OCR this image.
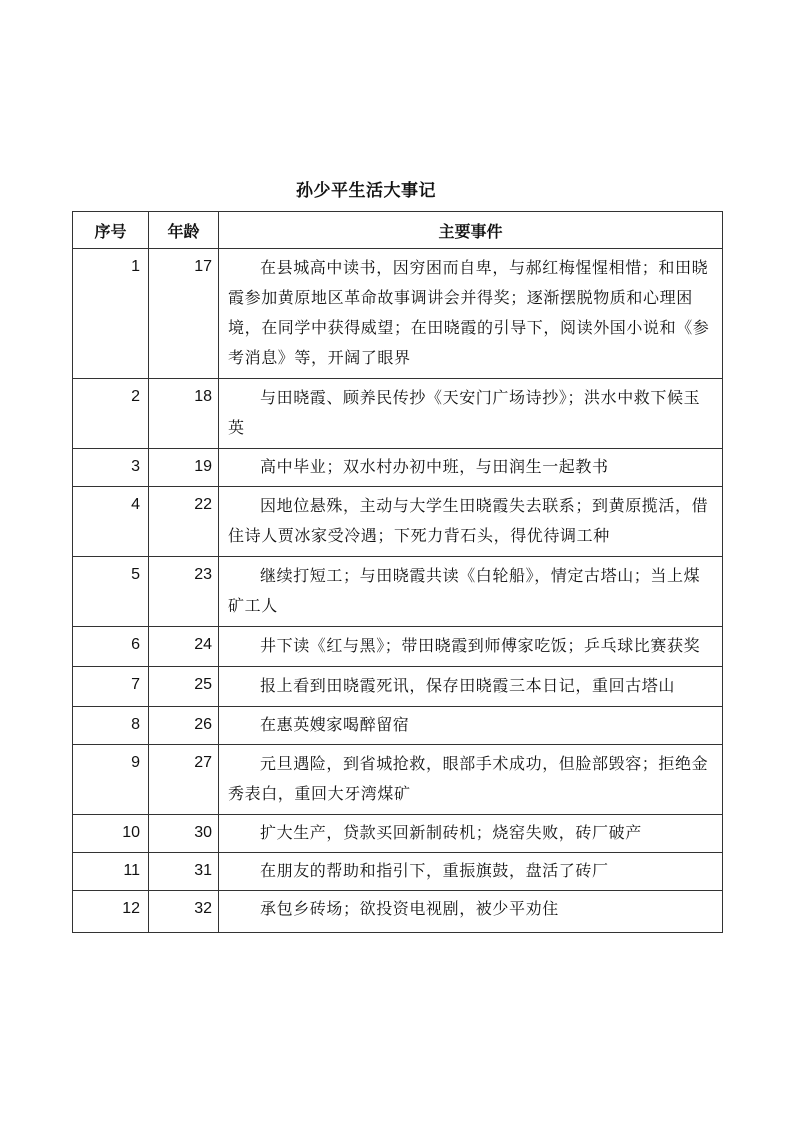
孙少平生活大事记
序号	年龄	主要事件
1	17	在县城高中读书，因穷困而自卑，与郝红梅惺惺相惜；和田晓霞参加黄原地区革命故事调讲会并得奖；逐渐摆脱物质和心理困境，在同学中获得威望；在田晓霞的引导下，阅读外国小说和《参考消息》等，开阔了眼界
2	18	与田晓霞、顾养民传抄《天安门广场诗抄》；洪水中救下候玉英
3	19	高中毕业；双水村办初中班，与田润生一起教书
4	22	因地位悬殊，主动与大学生田晓霞失去联系；到黄原揽活，借住诗人贾冰家受冷遇；下死力背石头，得优待调工种
5	23	继续打短工；与田晓霞共读《白轮船》，情定古塔山；当上煤矿工人
6	24	井下读《红与黑》；带田晓霞到师傅家吃饭；乒乓球比赛获奖
7	25	报上看到田晓霞死讯，保存田晓霞三本日记，重回古塔山
8	26	在惠英嫂家喝醉留宿
9	27	元旦遇险，到省城抢救，眼部手术成功，但脸部毁容；拒绝金秀表白，重回大牙湾煤矿
10	30	扩大生产，贷款买回新制砖机；烧窑失败，砖厂破产
11	31	在朋友的帮助和指引下，重振旗鼓，盘活了砖厂
12	32	承包乡砖场；欲投资电视剧，被少平劝住
